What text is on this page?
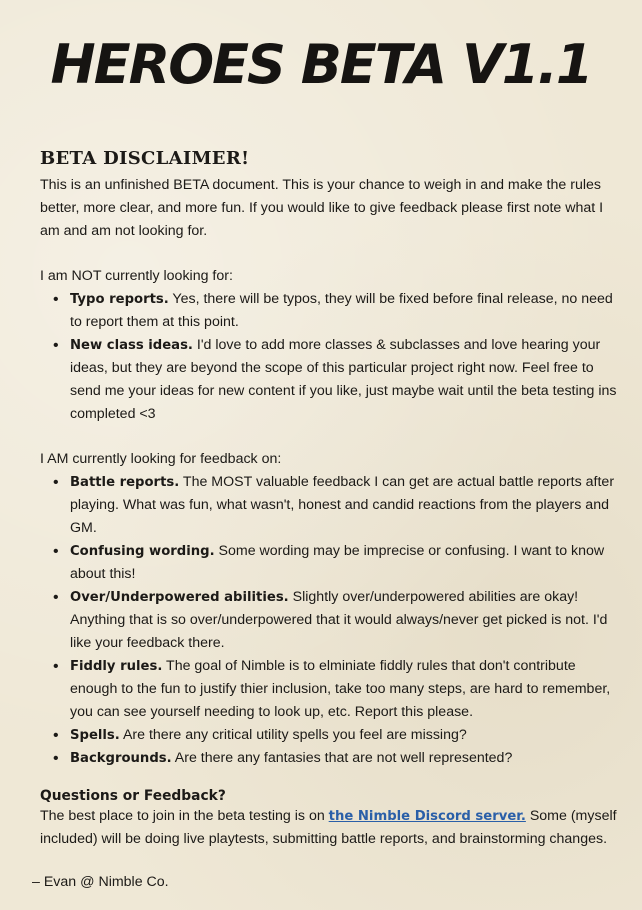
HEROES BETA V1.1
BETA DISCLAIMER!

This is an unfinished BETA document. This is your chance to weigh in and make the rules better, more clear, and more fun. If you would like to give feedback please first note what I am and am not looking for.

I am NOT currently looking for:

• Typo reports. Yes, there will be typos, they will be fixed before final release, no need to report them at this point.
• New class ideas. I'd love to add more classes & subclasses and love hearing your ideas, but they are beyond the scope of this particular project right now. Feel free to send me your ideas for new content if you like, just maybe wait until the beta testing ins completed <3

I AM currently looking for feedback on:

• Battle reports. The MOST valuable feedback I can get are actual battle reports after playing. What was fun, what wasn't, honest and candid reactions from the players and GM.
• Confusing wording. Some wording may be imprecise or confusing. I want to know about this!
• Over/Underpowered abilities. Slightly over/underpowered abilities are okay! Anything that is so over/underpowered that it would always/never get picked is not. I'd like your feedback there.
• Fiddly rules. The goal of Nimble is to elminiate fiddly rules that don't contribute enough to the fun to justify thier inclusion, take too many steps, are hard to remember, you can see yourself needing to look up, etc. Report this please.
• Spells. Are there any critical utility spells you feel are missing?
• Backgrounds. Are there any fantasies that are not well represented?
Questions or Feedback?

The best place to join in the beta testing is on the Nimble Discord server. Some (myself included) will be doing live playtests, submitting battle reports, and brainstorming changes.

– Evan @ Nimble Co.
